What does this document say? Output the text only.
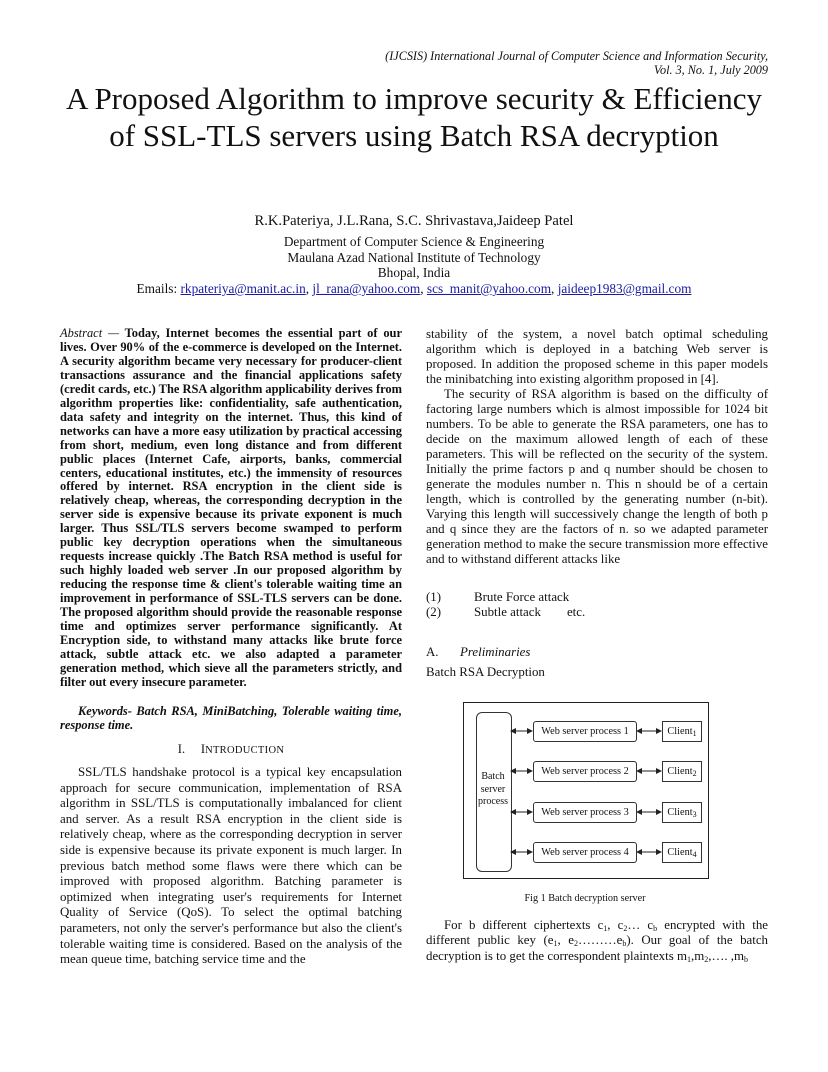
(IJCSIS) International Journal of Computer Science and Information Security,
Vol. 3, No. 1, July 2009
A Proposed Algorithm to improve security & Efficiency of SSL-TLS servers using Batch RSA decryption
R.K.Pateriya, J.L.Rana, S.C. Shrivastava,Jaideep Patel
Department of Computer Science & Engineering
Maulana Azad National Institute of Technology
Bhopal, India
Emails: rkpateriya@manit.ac.in, jl_rana@yahoo.com, scs_manit@yahoo.com, jaideep1983@gmail.com
Abstract — Today, Internet becomes the essential part of our lives. Over 90% of the e-commerce is developed on the Internet. A security algorithm became very necessary for producer-client transactions assurance and the financial applications safety (credit cards, etc.) The RSA algorithm applicability derives from algorithm properties like: confidentiality, safe authentication, data safety and integrity on the internet. Thus, this kind of networks can have a more easy utilization by practical accessing from short, medium, even long distance and from different public places (Internet Cafe, airports, banks, commercial centers, educational institutes, etc.) the immensity of resources offered by internet. RSA encryption in the client side is relatively cheap, whereas, the corresponding decryption in the server side is expensive because its private exponent is much larger. Thus SSL/TLS servers become swamped to perform public key decryption operations when the simultaneous requests increase quickly .The Batch RSA method is useful for such highly loaded web server .In our proposed algorithm by reducing the response time & client's tolerable waiting time an improvement in performance of SSL-TLS servers can be done. The proposed algorithm should provide the reasonable response time and optimizes server performance significantly. At Encryption side, to withstand many attacks like brute force attack, subtle attack etc. we also adapted a parameter generation method, which sieve all the parameters strictly, and filter out every insecure parameter.
Keywords- Batch RSA, MiniBatching, Tolerable waiting time, response time.
I. INTRODUCTION

SSL/TLS handshake protocol is a typical key encapsulation approach for secure communication, implementation of RSA algorithm in SSL/TLS is computationally imbalanced for client and server. As a result RSA encryption in the client side is relatively cheap, where as the corresponding decryption in server side is expensive because its private exponent is much larger. In previous batch method some flaws were there which can be improved with proposed algorithm. Batching parameter is optimized when integrating user's requirements for Internet Quality of Service (QoS). To select the optimal batching parameters, not only the server's performance but also the client's tolerable waiting time is considered. Based on the analysis of the mean queue time, batching service time and the

stability of the system, a novel batch optimal scheduling algorithm which is deployed in a batching Web server is proposed. In addition the proposed scheme in this paper models the minibatching into existing algorithm proposed in [4].

The security of RSA algorithm is based on the difficulty of factoring large numbers which is almost impossible for 1024 bit numbers. To be able to generate the RSA parameters, one has to decide on the maximum allowed length of each of these parameters. This will be reflected on the security of the system. Initially the prime factors p and q number should be chosen to generate the modules number n. This n should be of a certain length, which is controlled by the generating number (n-bit). Varying this length will successively change the length of both p and q since they are the factors of n. so we adapted parameter generation method to make the secure transmission more effective and to withstand different attacks like

(1)	Brute Force attack
(2)	Subtle attack etc.
A. Preliminaries
Batch RSA Decryption
Batch
server
process
Web server process 1
Web server process 2
Web server process 3
Web server process 4
Client$_1$
Client$_2$
Client$_3$
Client$_4$
Fig 1 Batch decryption server

For b different ciphertexts $c_1$, $c_2\dots$ $c_b$ encrypted with the different public key ($e_1$, $e_2\dots\dots\dots e_b$). Our goal of the batch decryption is to get the correspondent plaintexts $m_1,m_2,\dots$. $,m_b$
